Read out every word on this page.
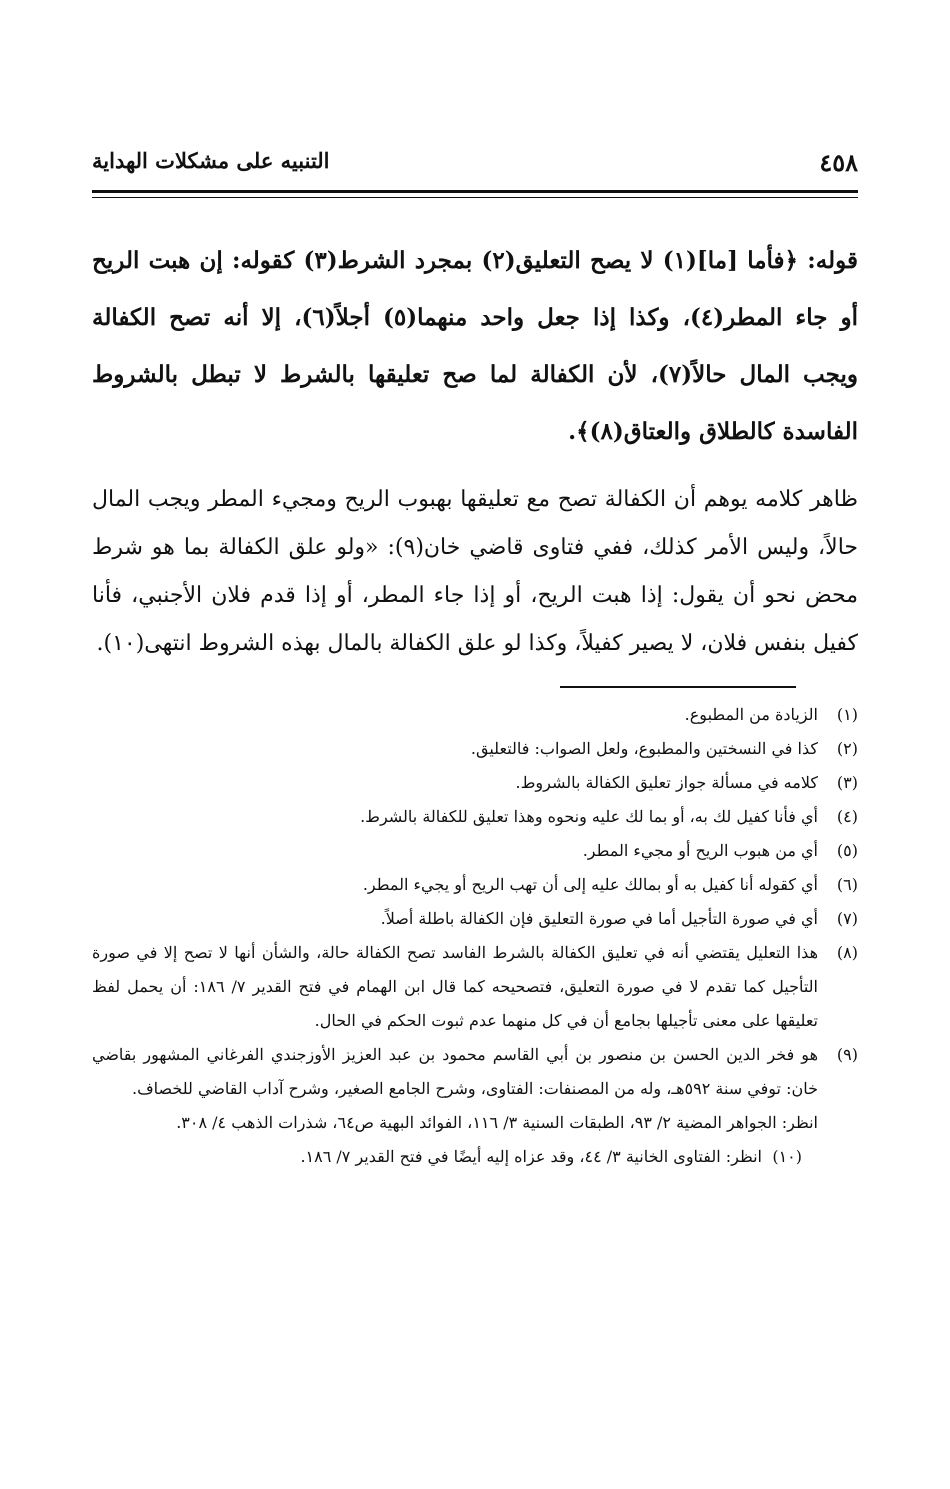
٤٥٨
التنبيه على مشكلات الهداية

قوله: ﴿فأما [ما](١) لا يصح التعليق(٢) بمجرد الشرط(٣) كقوله: إن هبت الريح أو جاء المطر(٤)، وكذا إذا جعل واحد منهما(٥) أجلاً(٦)، إلا أنه تصح الكفالة ويجب المال حالاً(٧)، لأن الكفالة لما صح تعليقها بالشرط لا تبطل بالشروط الفاسدة كالطلاق والعتاق(٨)﴾.

ظاهر كلامه يوهم أن الكفالة تصح مع تعليقها بهبوب الريح ومجيء المطر ويجب المال حالاً، وليس الأمر كذلك، ففي فتاوى قاضي خان(٩): «ولو علق الكفالة بما هو شرط محض نحو أن يقول: إذا هبت الريح، أو إذا جاء المطر، أو إذا قدم فلان الأجنبي، فأنا كفيل بنفس فلان، لا يصير كفيلاً، وكذا لو علق الكفالة بالمال بهذه الشروط انتهى(١٠).

(١)
الزيادة من المطبوع.
(٢)
كذا في النسختين والمطبوع، ولعل الصواب: فالتعليق.
(٣)
كلامه في مسألة جواز تعليق الكفالة بالشروط.
(٤)
أي فأنا كفيل لك به، أو بما لك عليه ونحوه وهذا تعليق للكفالة بالشرط.
(٥)
أي من هبوب الريح أو مجيء المطر.
(٦)
أي كقوله أنا كفيل به أو بمالك عليه إلى أن تهب الريح أو يجيء المطر.
(٧)
أي في صورة التأجيل أما في صورة التعليق فإن الكفالة باطلة أصلاً.
(٨)
هذا التعليل يقتضي أنه في تعليق الكفالة بالشرط الفاسد تصح الكفالة حالة، والشأن أنها لا تصح إلا في صورة التأجيل كما تقدم لا في صورة التعليق، فتصحيحه كما قال ابن الهمام في فتح القدير ٧/ ١٨٦: أن يحمل لفظ تعليقها على معنى تأجيلها بجامع أن في كل منهما عدم ثبوت الحكم في الحال.
(٩)
هو فخر الدين الحسن بن منصور بن أبي القاسم محمود بن عبد العزيز الأوزجندي الفرغاني المشهور بقاضي خان: توفي سنة ٥٩٢هـ، وله من المصنفات: الفتاوى، وشرح الجامع الصغير، وشرح آداب القاضي للخصاف.
انظر: الجواهر المضية ٢/ ٩٣، الطبقات السنية ٣/ ١١٦، الفوائد البهية ص٦٤، شذرات الذهب ٤/ ٣٠٨.
(١٠)
انظر: الفتاوى الخانية ٣/ ٤٤، وقد عزاه إليه أيضًا في فتح القدير ٧/ ١٨٦.
